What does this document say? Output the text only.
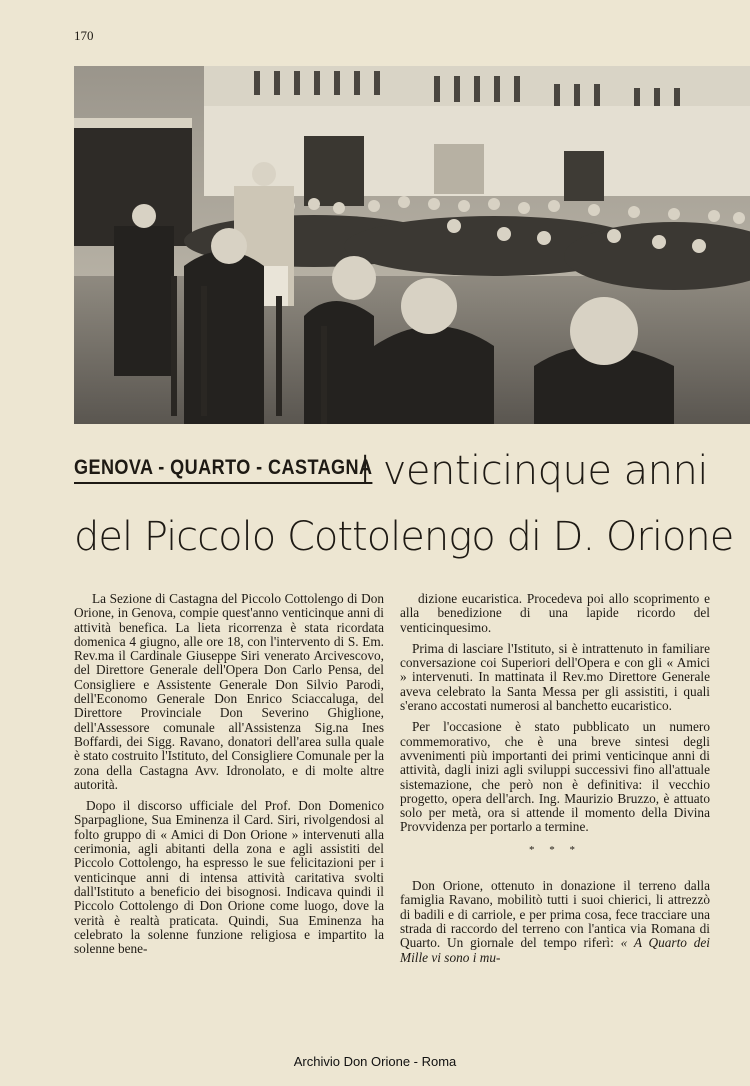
170
GENOVA - QUARTO - CASTAGNA
I venticinque anni
del Piccolo Cottolengo di D. Orione

La Sezione di Castagna del Piccolo Cottolengo di Don Orione, in Genova, compie quest'anno venticinque anni di attività benefica. La lieta ricorrenza è stata ricordata domenica 4 giugno, alle ore 18, con l'intervento di S. Em. Rev.ma il Cardinale Giuseppe Siri venerato Arcivescovo, del Direttore Generale dell'Opera Don Carlo Pensa, del Consigliere e Assistente Generale Don Silvio Parodi, dell'Economo Generale Don Enrico Sciaccaluga, del Direttore Provinciale Don Severino Ghiglione, dell'Assessore comunale all'Assistenza Sig.na Ines Boffardi, dei Sigg. Ravano, donatori dell'area sulla quale è stato costruito l'Istituto, del Consigliere Comunale per la zona della Castagna Avv. Idronolato, e di molte altre autorità.

Dopo il discorso ufficiale del Prof. Don Domenico Sparpaglione, Sua Eminenza il Card. Siri, rivolgendosi al folto gruppo di « Amici di Don Orione » intervenuti alla cerimonia, agli abitanti della zona e agli assistiti del Piccolo Cottolengo, ha espresso le sue felicitazioni per i venticinque anni di intensa attività caritativa svolti dall'Istituto a beneficio dei bisognosi. Indicava quindi il Piccolo Cottolengo di Don Orione come luogo, dove la verità è realtà praticata. Quindi, Sua Eminenza ha celebrato la solenne funzione religiosa e impartito la solenne bene-

dizione eucaristica. Procedeva poi allo scoprimento e alla benedizione di una lapide ricordo del venticinquesimo.

Prima di lasciare l'Istituto, si è intrattenuto in familiare conversazione coi Superiori dell'Opera e con gli « Amici » intervenuti. In mattinata il Rev.mo Direttore Generale aveva celebrato la Santa Messa per gli assistiti, i quali s'erano accostati numerosi al banchetto eucaristico.

Per l'occasione è stato pubblicato un numero commemorativo, che è una breve sintesi degli avvenimenti più importanti dei primi venticinque anni di attività, dagli inizi agli sviluppi successivi fino all'attuale sistemazione, che però non è definitiva: il vecchio progetto, opera dell'arch. Ing. Maurizio Bruzzo, è attuato solo per metà, ora si attende il momento della Divina Provvidenza per portarlo a termine.

* * *

Don Orione, ottenuto in donazione il terreno dalla famiglia Ravano, mobilitò tutti i suoi chierici, li attrezzò di badili e di carriole, e per prima cosa, fece tracciare una strada di raccordo del terreno con l'antica via Romana di Quarto. Un giornale del tempo riferì: « A Quarto dei Mille vi sono i mu-

Archivio Don Orione - Roma
